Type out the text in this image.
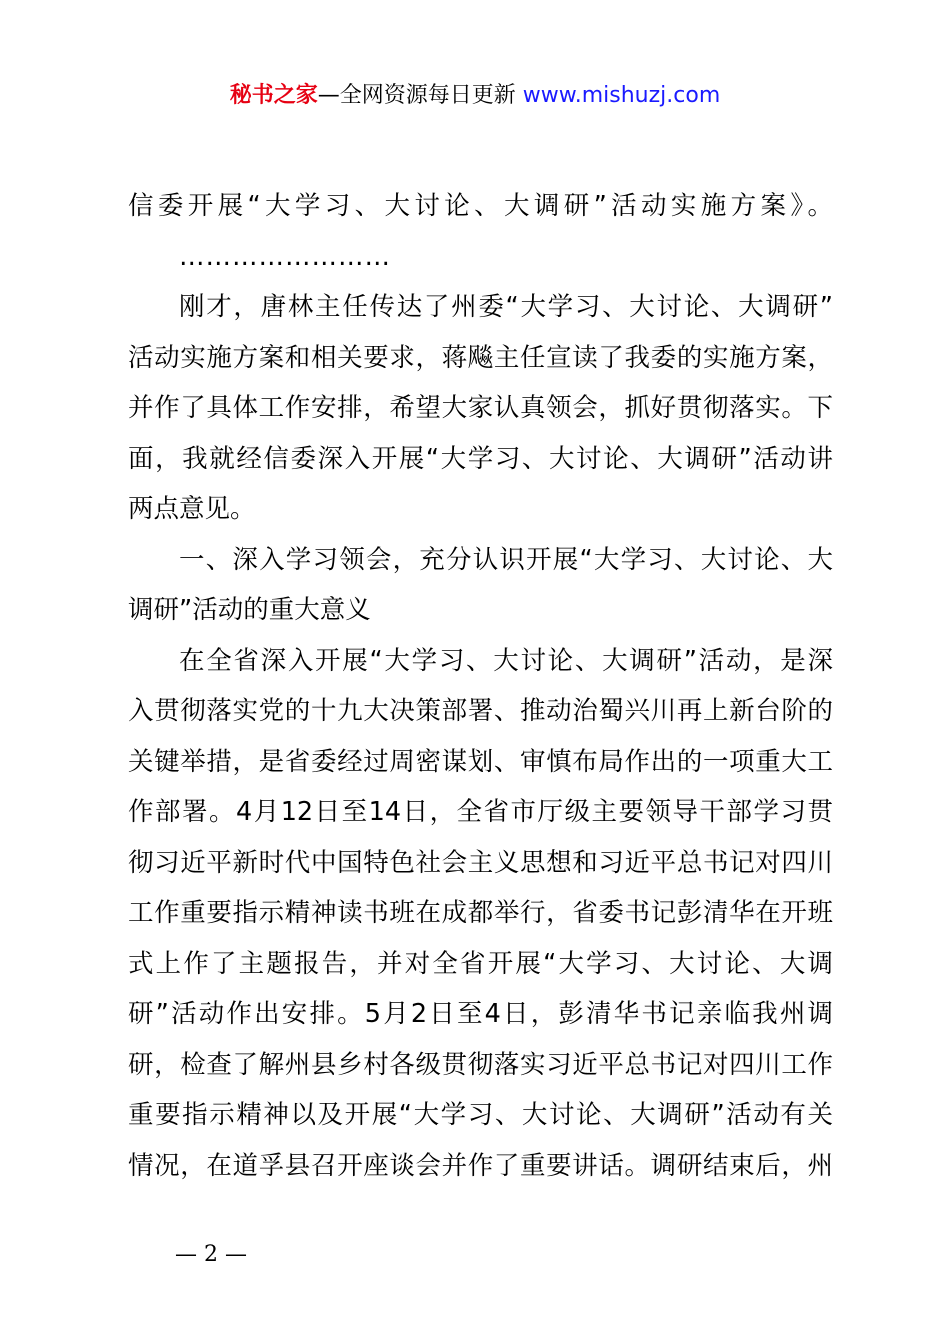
秘书之家—全网资源每日更新 www.mishuzj.com
信委开展“大学习、大讨论、大调研”活动实施方案》。
……………………
刚才，唐林主任传达了州委“大学习、大讨论、大调研”
活动实施方案和相关要求，蒋飚主任宣读了我委的实施方案，
并作了具体工作安排，希望大家认真领会，抓好贯彻落实。下
面，我就经信委深入开展“大学习、大讨论、大调研”活动讲
两点意见。
一、深入学习领会，充分认识开展“大学习、大讨论、大
调研”活动的重大意义
在全省深入开展“大学习、大讨论、大调研”活动，是深
入贯彻落实党的十九大决策部署、推动治蜀兴川再上新台阶的
关键举措，是省委经过周密谋划、审慎布局作出的一项重大工
作部署。4月12日至14日，全省市厅级主要领导干部学习贯
彻习近平新时代中国特色社会主义思想和习近平总书记对四川
工作重要指示精神读书班在成都举行，省委书记彭清华在开班
式上作了主题报告，并对全省开展“大学习、大讨论、大调
研”活动作出安排。5月2日至4日，彭清华书记亲临我州调
研，检查了解州县乡村各级贯彻落实习近平总书记对四川工作
重要指示精神以及开展“大学习、大讨论、大调研”活动有关
情况，在道孚县召开座谈会并作了重要讲话。调研结束后，州
— 2 —
